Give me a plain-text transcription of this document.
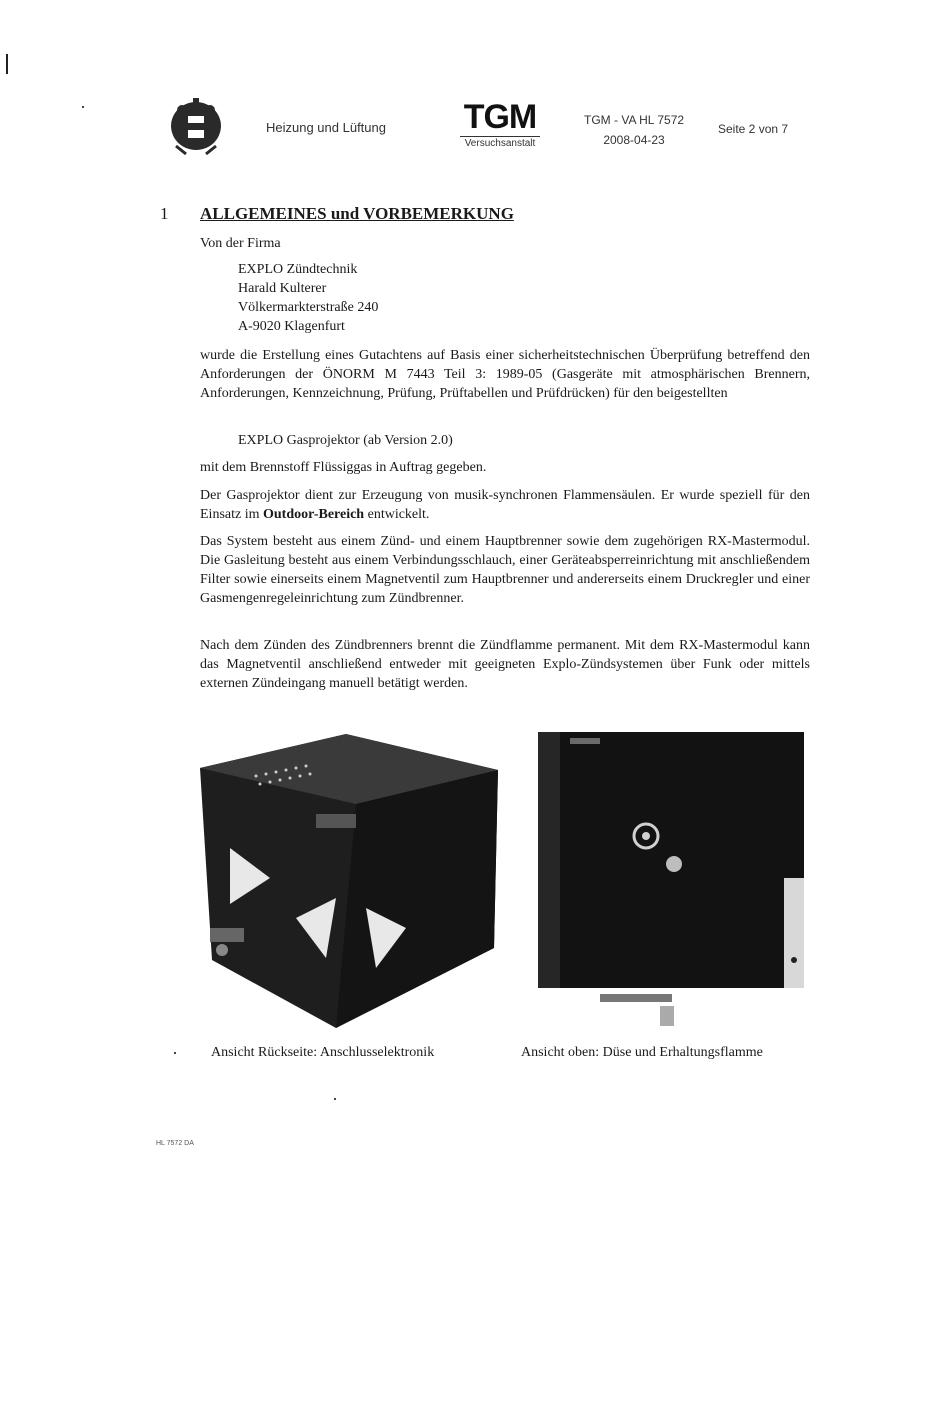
Heizung und Lüftung TGM
Versuchsanstalt
TGM - VA HL 7572
2008-04-23
Seite 2 von 7
1 ALLGEMEINES und VORBEMERKUNG
Von der Firma
EXPLO Zündtechnik
Harald Kulterer
Völkermarkterstraße 240
A-9020 Klagenfurt
wurde die Erstellung eines Gutachtens auf Basis einer sicherheitstechnischen Überprüfung betreffend den Anforderungen der ÖNORM M 7443 Teil 3: 1989-05 (Gasgeräte mit atmosphärischen Brennern, Anforderungen, Kennzeichnung, Prüfung, Prüftabellen und Prüfdrücken) für den beigestellten
EXPLO Gasprojektor (ab Version 2.0)
mit dem Brennstoff Flüssiggas in Auftrag gegeben.
Der Gasprojektor dient zur Erzeugung von musik-synchronen Flammensäulen. Er wurde speziell für den Einsatz im Outdoor-Bereich entwickelt.
Das System besteht aus einem Zünd- und einem Hauptbrenner sowie dem zugehörigen RX-Mastermodul. Die Gasleitung besteht aus einem Verbindungsschlauch, einer Geräteabsperreinrichtung mit anschließendem Filter sowie einerseits einem Magnetventil zum Hauptbrenner und andererseits einem Druckregler und einer Gasmengenregeleinrichtung zum Zündbrenner.
Nach dem Zünden des Zündbrenners brennt die Zündflamme permanent. Mit dem RX-Mastermodul kann das Magnetventil anschließend entweder mit geeigneten Explo-Zündsystemen über Funk oder mittels externen Zündeingang manuell betätigt werden.
Ansicht Rückseite: Anschlusselektronik	Ansicht oben: Düse und Erhaltungsflamme
HL 7572 DA
